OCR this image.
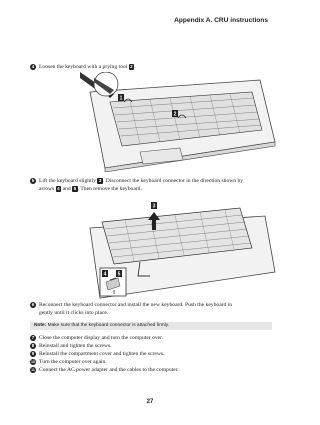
Appendix A. CRU instructions
4 Loosen the keyboard with a prying tool 2 .
1
2
5 Lift the keyboard slightly 3 . Disconnect the keyboard connector in the direction shown by
arrows 4 and 5 . Then remove the keyboard.
3
4 5
6 Reconnect the keyboard connector and install the new keyboard. Push the keyboard in
gently until it clicks into place.
Note: Make sure that the keyboard connector is attached firmly.
7 Close the computer display and turn the computer over.
8 Reinstall and tighten the screws.
9 Reinstall the compartment cover and tighten the screws.
10 Turn the computer over again.
11 Connect the AC power adapter and the cables to the computer.
27
